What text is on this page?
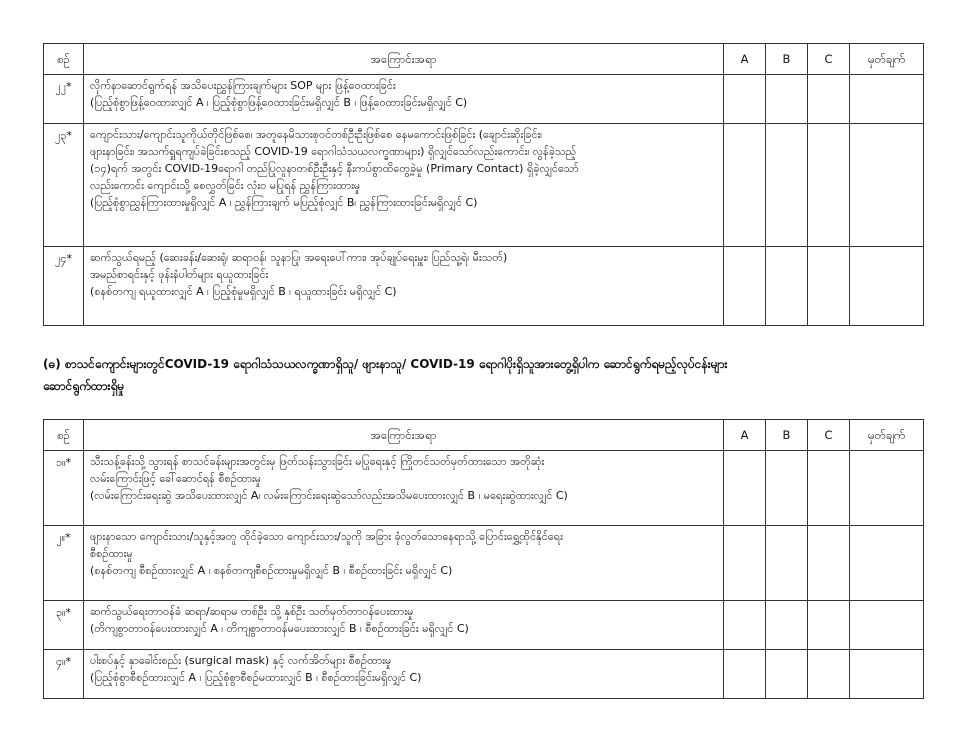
စဉ်	အကြောင်းအရာ	A	B	C	မှတ်ချက်
၂၂*	လိုက်နာဆောင်ရွက်ရန် အသိပေးညွှန်ကြားချက်များ SOP များ ဖြန့်ဝေထားခြင်း
(ပြည့်စုံစွာဖြန့်ဝေထားလျှင် A ၊ ပြည့်စုံစွာဖြန့်ဝေထားခြင်းမရှိလျှင် B ၊ ဖြန့်ဝေထားခြင်းမရှိလျှင် C)				

၂၃*	ကျောင်းသား/ကျောင်းသူကိုယ်တိုင်ဖြစ်စေ၊ အတူနေမိသားစုဝင်တစ်ဦးဦးဖြစ်စေ နေမကောင်းဖြစ်ခြင်း (ချောင်းဆိုးခြင်း၊
ဖျားနာခြင်း၊ အသက်ရှူရကျပ်ခဲခြင်းစသည့် COVID-19 ရောဂါသံသယလက္ခဏာများ) ရှိလျှင်သော်လည်းကောင်း၊ လွန်ခဲ့သည့်
(၁၄)ရက် အတွင်း COVID-19ရောဂါ တည်ပြုလူနာတစ်ဦးဦးနှင့် နီးကပ်စွာထိတွေ့ခဲ့မှု (Primary Contact) ရှိခဲ့လျှင်သော်
လည်းကောင်း ကျောင်းသို့ စေလွှတ်ခြင်း လုံးဝ မပြုရန် ညွှန်ကြားထားမှု
(ပြည့်စုံစွာညွှန်ကြားထားမှုရှိလျှင် A ၊ ညွှန်ကြားချက် မပြည့်စုံလျှင် B၊ ညွှန်ကြားထားခြင်းမရှိလျှင် C)				

၂၄*	ဆက်သွယ်ရမည့် (ဆေးခန်း/ဆေးရုံ၊ ဆရာဝန်၊ သူနာပြု၊ အရေးပေါ်ကား၊ အုပ်ချုပ်ရေးမှူး၊ ပြည်သူ့ရဲ၊ မီးသတ်)
အမည်စာရင်းနှင့် ဖုန်းနံပါတ်များ ရယူထားခြင်း
(စနစ်တကျ ရယူထားလျှင် A ၊ ပြည့်စုံမှုမရှိလျှင် B ၊ ရယူထားခြင်း မရှိလျှင် C)				

(ဓ) စာသင်ကျောင်းများတွင်COVID-19 ရောဂါသံသယလက္ခဏာရှိသူ/ ဖျားနာသူ/ COVID-19 ရောဂါပိုးရှိသူအားတွေ့ရှိပါက ဆောင်ရွက်ရမည့်လုပ်ငန်းများ
ဆောင်ရွက်ထားရှိမှု
စဉ်	အကြောင်းအရာ	A	B	C	မှတ်ချက်
၁။*	သီးသန့်ခန်းသို့ သွားရန် စာသင်ခန်းများအတွင်းမှ ဖြတ်သန်းသွားခြင်း မပြုရေးနှင့် ကြိုတင်သတ်မှတ်ထားသော အတိုဆုံး
လမ်းကြောင်းဖြင့် ခေါ်ဆောင်ရန် စီစဉ်ထားမှု
(လမ်းကြောင်းရေးဆွဲ အသိပေးထားလျှင် A၊ လမ်းကြောင်းရေးဆွဲသော်လည်းအသိမပေးထားလျှင် B ၊ မရေးဆွဲထားလျှင် C)				

၂။*	ဖျားနာသော ကျောင်းသား/သူနှင့်အတူ ထိုင်ခဲ့သော ကျောင်းသား/သူကို အခြား ခုံလွတ်သောနေရာသို့ ပြောင်းရွှေ့ထိုင်နိုင်ရေး
စီစဉ်ထားမှု
(စနစ်တကျ စီစဉ်ထားလျှင် A ၊ စနစ်တကျစီစဉ်ထားမှုမရှိလျှင် B ၊ စီစဉ်ထားခြင်း မရှိလျှင် C)				

၃။*	ဆက်သွယ်ရေးတာဝန်ခံ ဆရာ/ဆရာမ တစ်ဦး သို့ နှစ်ဦး သတ်မှတ်တာဝန်ပေးထားမှု
(တိကျစွာတာဝန်ပေးထားလျှင် A ၊ တိကျစွာတာဝန်မပေးထားလျှင် B ၊ စီစဉ်ထားခြင်း မရှိလျှင် C)				

၄။*	ပါးစပ်နှင့် နှာခေါင်းစည်း (surgical mask) နှင့် လက်အိတ်များ စီစဉ်ထားမှု
(ပြည့်စုံစွာစီစဉ်ထားလျှင် A ၊ ပြည့်စုံစွာစီစဉ်မထားလျှင် B ၊ စီစဉ်ထားခြင်းမရှိလျှင် C)				
